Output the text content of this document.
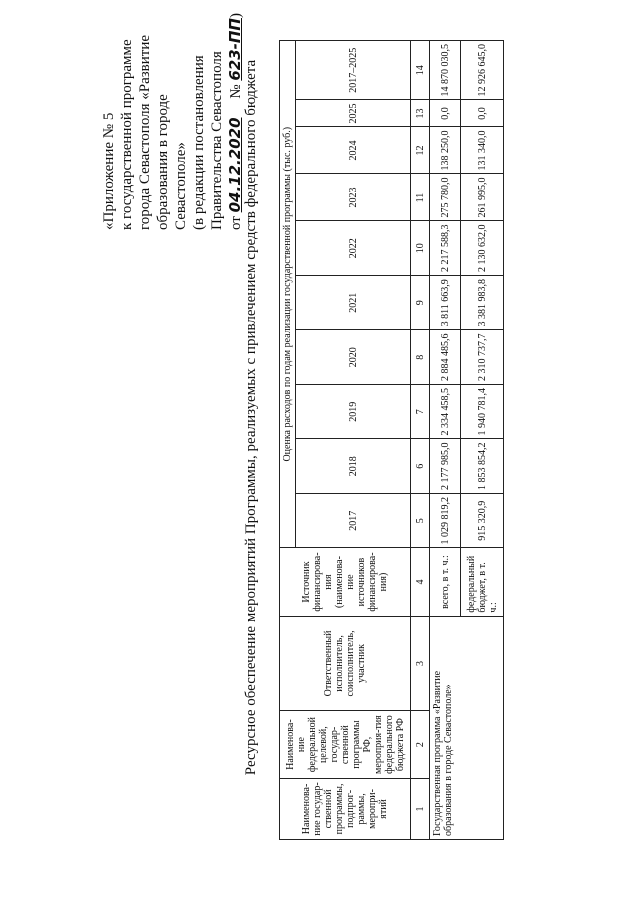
«Приложение № 5 к государственной программе города Севастополя «Развитие образования в городе Севастополе» (в редакции постановления Правительства Севастополя от 04.12.2020     № 623-ПП)
Ресурсное обеспечение мероприятий Программы, реализуемых с привлечением средств федерального бюджета
Наименова-ние государ-ственной программы, подпрог-раммы, меропри-ятий	Наименова-ние федеральной целевой, государ-ственной программы РФ, мероприя-тия федерального бюджета РФ	Ответственный исполнитель, соисполнитель, участник	Источник финансирова-ния (наименова-ние источников финансирова-ния)	Оценка расходов по годам реализации государственной программы (тыс. руб.)									
				2017	2018	2019	2020	2021	2022	2023	2024	2025	2017–2025
1	2	3	4	5	6	7	8	9	10	11	12	13	14
Государственная программа «Развитие образования в городе Севастополе»			всего, в т. ч.:	1 029 819,2	2 177 985,0	2 334 458,5	2 884 485,6	3 811 663,9	2 217 588,3	275 780,0	138 250,0	0,0	14 870 030,5
			федеральный бюджет, в т. ч.:	915 320,9	1 853 854,2	1 940 781,4	2 310 737,7	3 381 983,8	2 130 632,0	261 995,0	131 340,0	0,0	12 926 645,0
